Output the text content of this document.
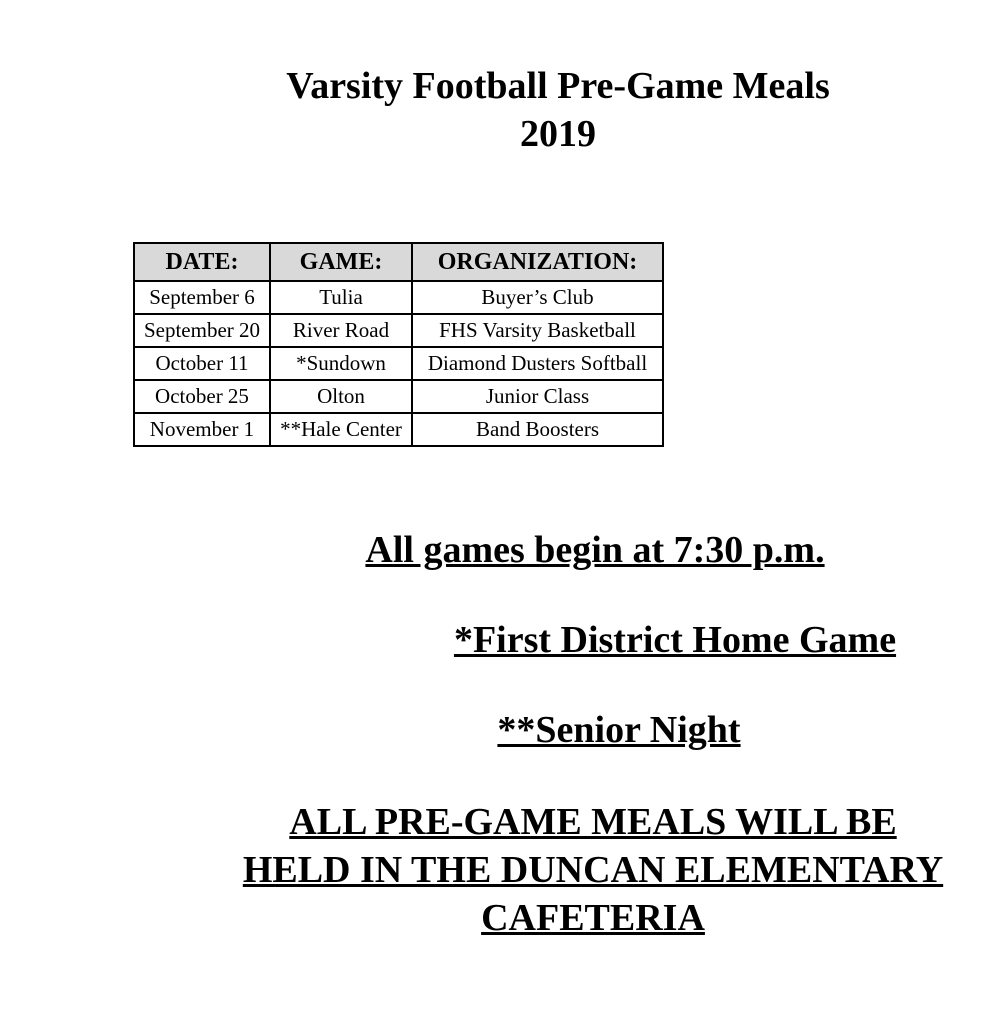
Varsity Football Pre-Game Meals
2019
DATE:	GAME:	ORGANIZATION:
September 6	Tulia	Buyer’s Club
September 20	River Road	FHS Varsity Basketball
October 11	*Sundown	Diamond Dusters Softball
October 25	Olton	Junior Class
November 1	**Hale Center	Band Boosters

All games begin at 7:30 p.m.

*First District Home Game

**Senior Night

ALL PRE-GAME MEALS WILL BE
HELD IN THE DUNCAN ELEMENTARY
CAFETERIA
